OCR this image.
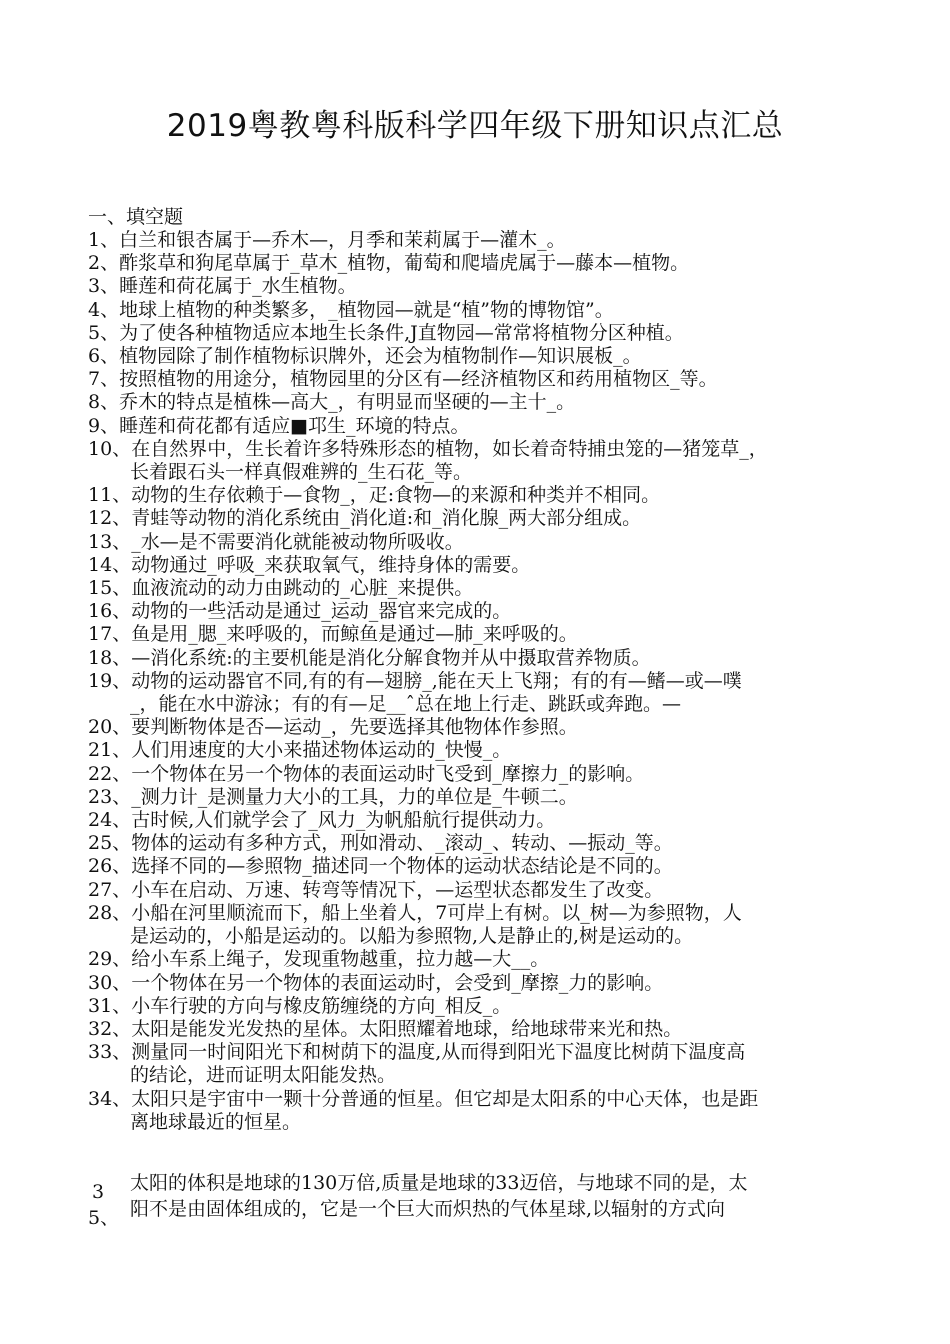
2019粤教粤科版科学四年级下册知识点汇总
一、填空题
1、白兰和银杏属于—乔木—，月季和茉莉属于—灌木_。
2、酢浆草和狗尾草属于_草木_植物，葡萄和爬墙虎属于—藤本—植物。
3、睡莲和荷花属于_水生植物。
4、地球上植物的种类繁多，_植物园—就是“植”物的博物馆”。
5、为了使各种植物适应本地生长条件,J直物园—常常将植物分区种植。
6、植物园除了制作植物标识牌外，还会为植物制作—知识展板_。
7、按照植物的用途分，植物园里的分区有—经济植物区和药用植物区_等。
8、乔木的特点是植株—高大_，有明显而坚硬的—主十_。
9、睡莲和荷花都有适应■邛生_环境的特点。
10、在自然界中，生长着许多特殊形态的植物，如长着奇特捕虫笼的—猪笼草_，
长着跟石头一样真假难辨的_生石花_等。
11、动物的生存依赖于—食物_，疋:食物—的来源和种类并不相同。
12、青蛙等动物的消化系统由_消化道:和_消化腺_两大部分组成。
13、_水—是不需要消化就能被动物所吸收。
14、动物通过_呼吸_来获取氧气，维持身体的需要。
15、血液流动的动力由跳动的_心脏_来提供。
16、动物的一些活动是通过_运动_器官来完成的。
17、鱼是用_腮_来呼吸的，而鲸鱼是通过—肺_来呼吸的。
18、—消化系统:的主要机能是消化分解食物并从中摄取营养物质。
19、动物的运动器官不同,有的有—翅膀_,能在天上飞翔；有的有—鳍—或—噗
_，能在水中游泳；有的有—足__ˆ总在地上行走、跳跃或奔跑。—
20、要判断物体是否—运动_，先要选择其他物体作参照。
21、人们用速度的大小来描述物体运动的_快慢_。
22、一个物体在另一个物体的表面运动时飞受到_摩擦力_的影响。
23、_测力计_是测量力大小的工具，力的单位是_牛顿二。
24、古时候,人们就学会了_风力_为帆船航行提供动力。
25、物体的运动有多种方式，刑如滑动、_滚动_、转动、—振动_等。
26、选择不同的—参照物_描述同一个物体的运动状态结论是不同的。
27、小车在启动、万速、转弯等情况下，—运型状态都发生了改变。
28、小船在河里顺流而下，船上坐着人，7可岸上有树。以_树—为参照物，人
是运动的，小船是运动的。以船为参照物,人是静止的,树是运动的。
29、给小车系上绳子，发现重物越重，拉力越—大__。
30、一个物体在另一个物体的表面运动时，会受到_摩擦_力的影响。
31、小车行驶的方向与橡皮筋缠绕的方向_相反_。
32、太阳是能发光发热的星体。太阳照耀着地球，给地球带来光和热。
33、测量同一时间阳光下和树荫下的温度,从而得到阳光下温度比树荫下温度高
的结论，进而证明太阳能发热。
34、太阳只是宇宙中一颗十分普通的恒星。但它却是太阳系的中心天体，也是距
离地球最近的恒星。
3
5、
太阳的体积是地球的130万倍,质量是地球的33迈倍，与地球不同的是，太
阳不是由固体组成的，它是一个巨大而炽热的气体星球,以辐射的方式向
